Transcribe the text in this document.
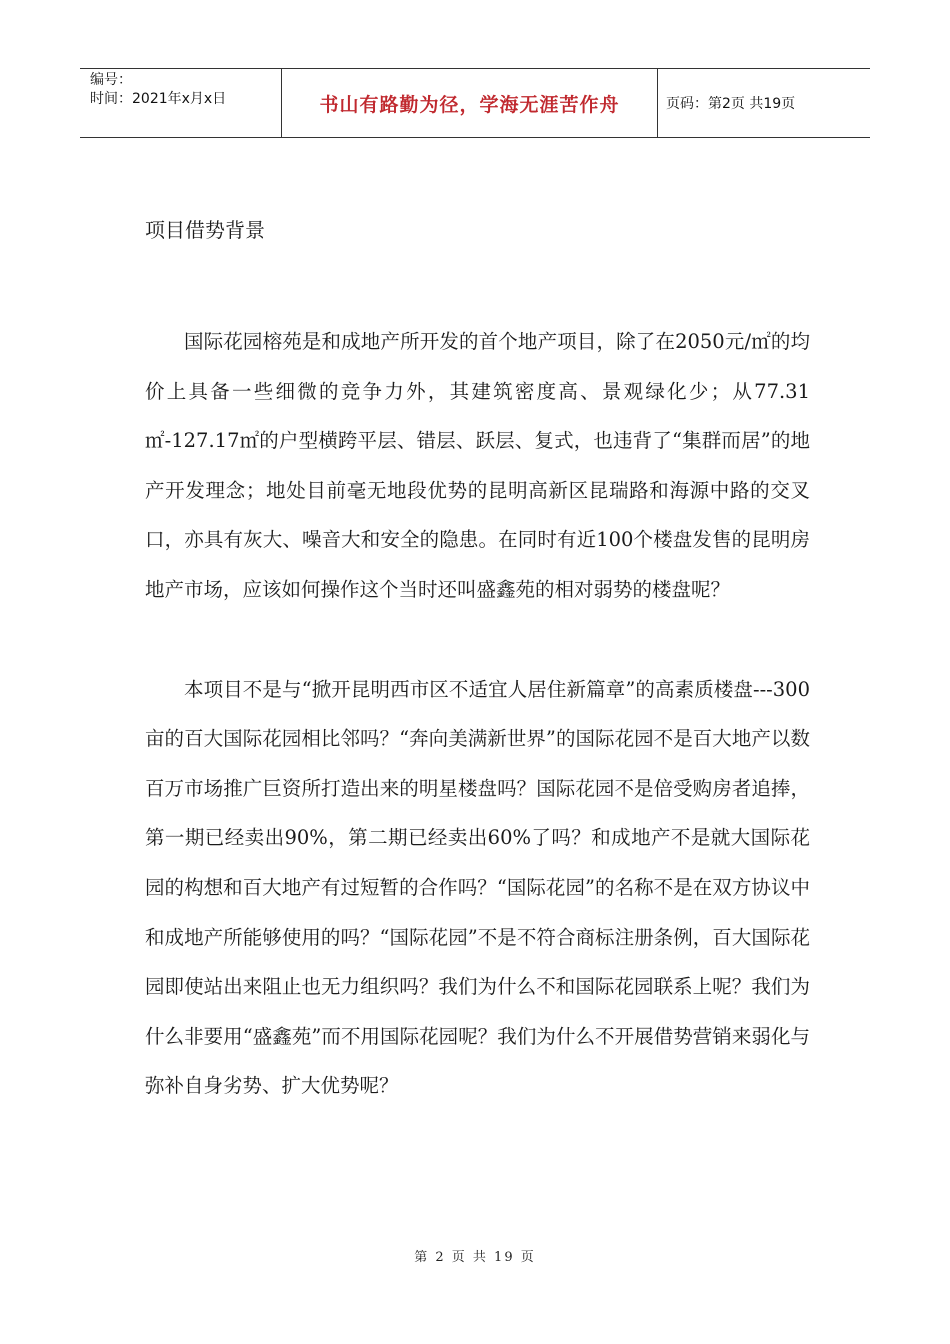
编号：
时间：2021年x月x日	书山有路勤为径，学海无涯苦作舟	页码：第2页 共19页
项目借势背景

国际花园榕苑是和成地产所开发的首个地产项目，除了在2050元/㎡的均价上具备一些细微的竞争力外，其建筑密度高、景观绿化少；从77.31㎡-127.17㎡的户型横跨平层、错层、跃层、复式，也违背了“集群而居”的地产开发理念；地处目前毫无地段优势的昆明高新区昆瑞路和海源中路的交叉口，亦具有灰大、噪音大和安全的隐患。在同时有近100个楼盘发售的昆明房地产市场，应该如何操作这个当时还叫盛鑫苑的相对弱势的楼盘呢？

本项目不是与“掀开昆明西市区不适宜人居住新篇章”的高素质楼盘---300亩的百大国际花园相比邻吗？“奔向美满新世界”的国际花园不是百大地产以数百万市场推广巨资所打造出来的明星楼盘吗？国际花园不是倍受购房者追捧，第一期已经卖出90%，第二期已经卖出60%了吗？和成地产不是就大国际花园的构想和百大地产有过短暂的合作吗？“国际花园”的名称不是在双方协议中和成地产所能够使用的吗？“国际花园”不是不符合商标注册条例，百大国际花园即使站出来阻止也无力组织吗？我们为什么不和国际花园联系上呢？我们为什么非要用“盛鑫苑”而不用国际花园呢？我们为什么不开展借势营销来弱化与弥补自身劣势、扩大优势呢？

第 2 页 共 19 页
